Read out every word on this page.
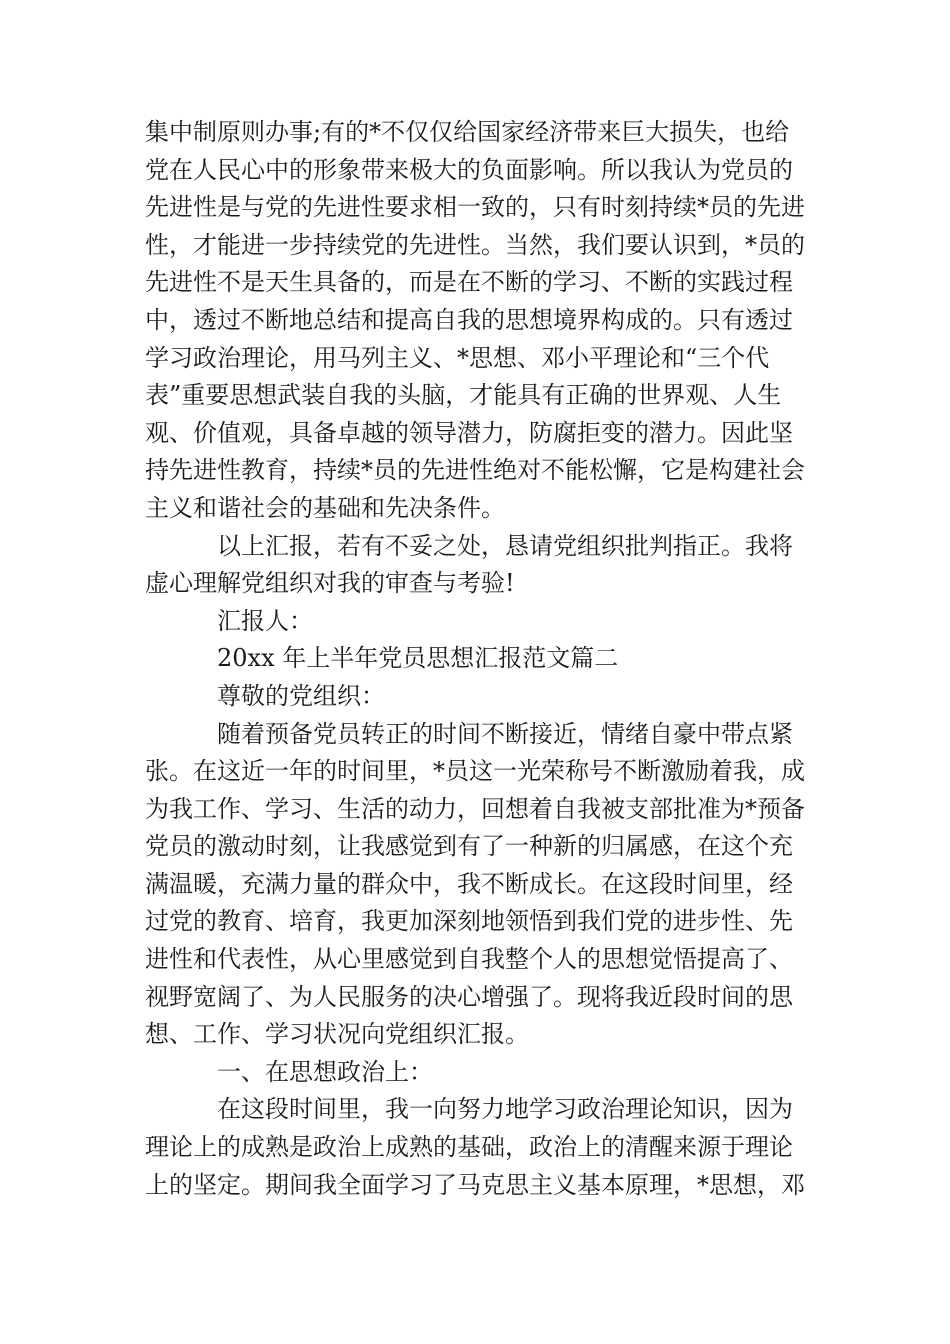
集中制原则办事;有的*不仅仅给国家经济带来巨大损失，也给
党在人民心中的形象带来极大的负面影响。所以我认为党员的
先进性是与党的先进性要求相一致的，只有时刻持续*员的先进
性，才能进一步持续党的先进性。当然，我们要认识到，*员的
先进性不是天生具备的，而是在不断的学习、不断的实践过程
中，透过不断地总结和提高自我的思想境界构成的。只有透过
学习政治理论，用马列主义、*思想、邓小平理论和“三个代
表”重要思想武装自我的头脑，才能具有正确的世界观、人生
观、价值观，具备卓越的领导潜力，防腐拒变的潜力。因此坚
持先进性教育，持续*员的先进性绝对不能松懈，它是构建社会
主义和谐社会的基础和先决条件。
以上汇报，若有不妥之处，恳请党组织批判指正。我将
虚心理解党组织对我的审查与考验!
汇报人：
20xx 年上半年党员思想汇报范文篇二
尊敬的党组织：
随着预备党员转正的时间不断接近，情绪自豪中带点紧
张。在这近一年的时间里，*员这一光荣称号不断激励着我，成
为我工作、学习、生活的动力，回想着自我被支部批准为*预备
党员的激动时刻，让我感觉到有了一种新的归属感，在这个充
满温暖，充满力量的群众中，我不断成长。在这段时间里，经
过党的教育、培育，我更加深刻地领悟到我们党的进步性、先
进性和代表性，从心里感觉到自我整个人的思想觉悟提高了、
视野宽阔了、为人民服务的决心增强了。现将我近段时间的思
想、工作、学习状况向党组织汇报。
一、在思想政治上：
在这段时间里，我一向努力地学习政治理论知识，因为
理论上的成熟是政治上成熟的基础，政治上的清醒来源于理论
上的坚定。期间我全面学习了马克思主义基本原理，*思想，邓
